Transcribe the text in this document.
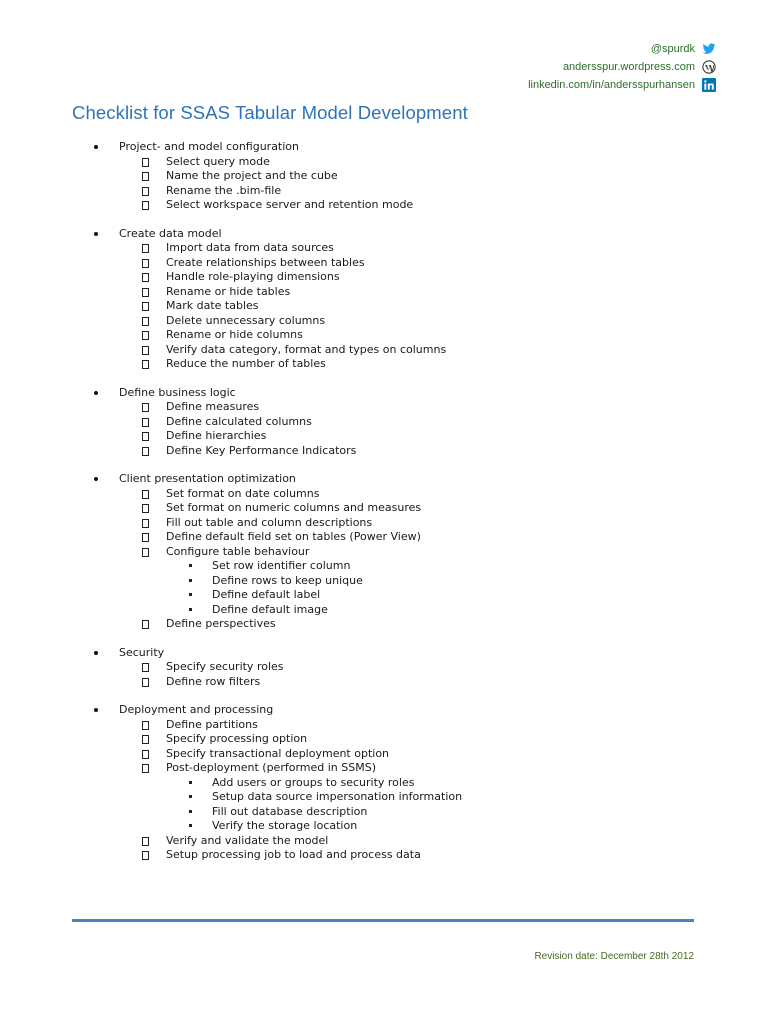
@spurdk
andersspur.wordpress.com
linkedin.com/in/andersspurhansen
Checklist for SSAS Tabular Model Development
Project- and model configuration
Select query mode
Name the project and the cube
Rename the .bim-file
Select workspace server and retention mode
Create data model
Import data from data sources
Create relationships between tables
Handle role-playing dimensions
Rename or hide tables
Mark date tables
Delete unnecessary columns
Rename or hide columns
Verify data category, format and types on columns
Reduce the number of tables
Define business logic
Define measures
Define calculated columns
Define hierarchies
Define Key Performance Indicators
Client presentation optimization
Set format on date columns
Set format on numeric columns and measures
Fill out table and column descriptions
Define default field set on tables (Power View)
Configure table behaviour
Set row identifier column
Define rows to keep unique
Define default label
Define default image
Define perspectives
Security
Specify security roles
Define row filters
Deployment and processing
Define partitions
Specify processing option
Specify transactional deployment option
Post-deployment (performed in SSMS)
Add users or groups to security roles
Setup data source impersonation information
Fill out database description
Verify the storage location
Verify and validate the model
Setup processing job to load and process data
Revision date: December 28th 2012
